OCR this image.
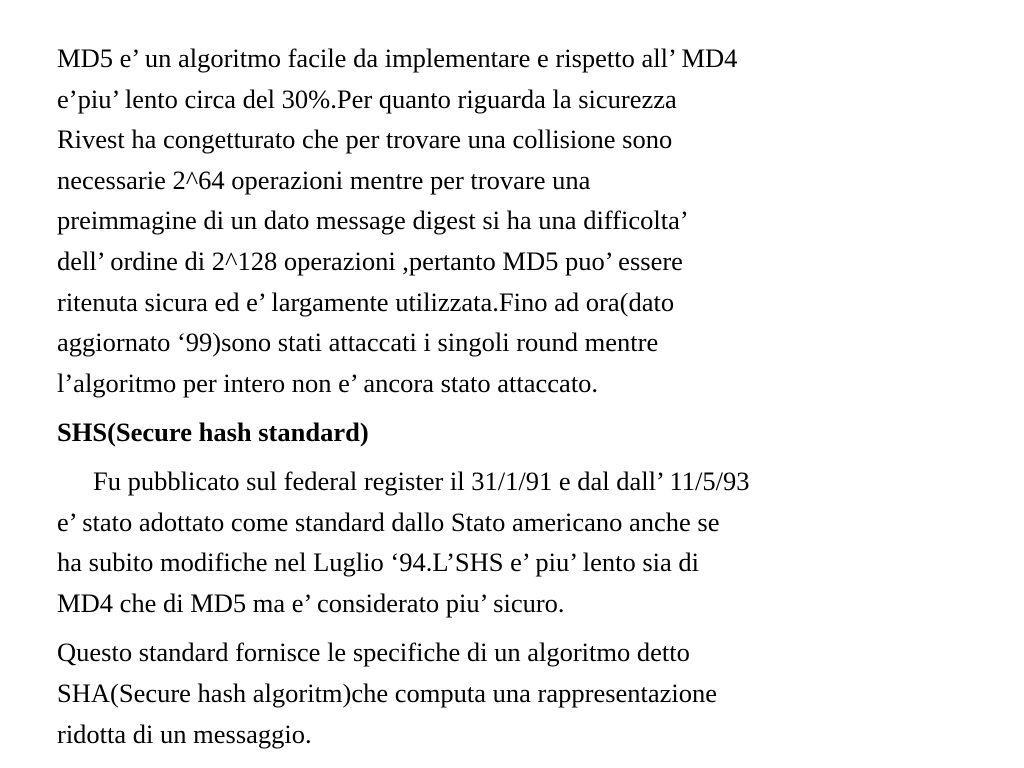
MD5 e’ un algoritmo facile da implementare e rispetto all’ MD4
e’piu’ lento circa del 30%.Per quanto riguarda la sicurezza
Rivest ha congetturato che per trovare una collisione sono
necessarie 2^64 operazioni mentre per trovare una
preimmagine di un dato message digest si ha una difficolta’
dell’ ordine di 2^128 operazioni ,pertanto MD5 puo’ essere
ritenuta sicura ed e’ largamente utilizzata.Fino ad ora(dato
aggiornato ‘99)sono stati attaccati i singoli round mentre
l’algoritmo per intero non e’ ancora stato attaccato.

SHS(Secure hash standard)

Fu pubblicato sul federal register il 31/1/91 e dal dall’ 11/5/93
e’ stato adottato come standard dallo Stato americano anche se
ha subito modifiche nel Luglio ‘94.L’SHS e’ piu’ lento sia di
MD4 che di MD5 ma e’ considerato piu’ sicuro.

Questo standard fornisce le specifiche di un algoritmo detto
SHA(Secure hash algoritm)che computa una rappresentazione
ridotta di un messaggio.
